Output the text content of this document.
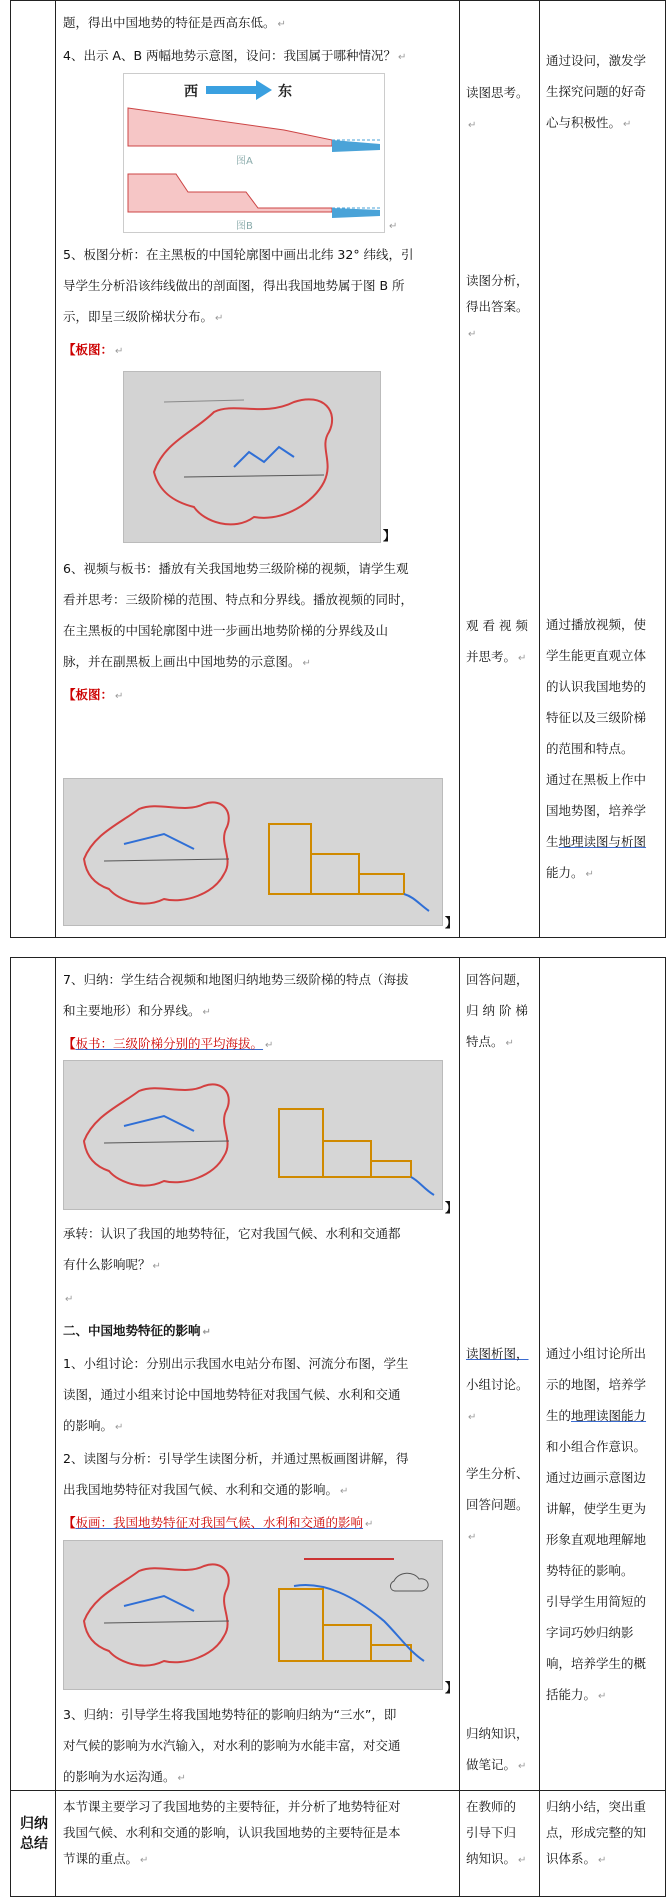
题，得出中国地势的特征是西高东低。 ↵

4、出示 A、B 两幅地势示意图，设问：我国属于哪种情况？ ↵

西	东
图A
图B	↵

5、板图分析：在主黑板的中国轮廓图中画出北纬 32° 纬线，引

导学生分析沿该纬线做出的剖面图，得出我国地势属于图 B 所

示，即呈三级阶梯状分布。 ↵

【板图： ↵

】

6、视频与板书：播放有关我国地势三级阶梯的视频，请学生观

看并思考：三级阶梯的范围、特点和分界线。播放视频的同时，

在主黑板的中国轮廓图中进一步画出地势阶梯的分界线及山

脉，并在副黑板上画出中国地势的示意图。 ↵

【板图： ↵

】

读图思考。↵

读图分析，

得出答案。↵

观 看 视 频

并思考。 ↵

通过设问，激发学

生探究问题的好奇

心与积极性。 ↵

通过播放视频，使

学生能更直观立体

的认识我国地势的

特征以及三级阶梯

的范围和特点。

通过在黑板上作中

国地势图，培养学

生地理读图与析图

能力。 ↵

7、归纳：学生结合视频和地图归纳地势三级阶梯的特点（海拔

和主要地形）和分界线。 ↵

【板书：三级阶梯分别的平均海拔。 ↵

】

承转：认识了我国的地势特征，它对我国气候、水利和交通都

有什么影响呢？ ↵

↵

二、中国地势特征的影响 ↵

1、小组讨论：分别出示我国水电站分布图、河流分布图，学生

读图，通过小组来讨论中国地势特征对我国气候、水利和交通

的影响。 ↵

2、读图与分析：引导学生读图分析，并通过黑板画图讲解，得

出我国地势特征对我国气候、水利和交通的影响。 ↵

【板画：我国地势特征对我国气候、水利和交通的影响 ↵

】

3、归纳：引导学生将我国地势特征的影响归纳为“三水”，即

对气候的影响为水汽输入，对水利的影响为水能丰富，对交通

的影响为水运沟通。 ↵

回答问题，

归 纳 阶 梯

特点。 ↵

读图析图，

小组讨论。↵

学生分析、

回答问题。↵

归纳知识，

做笔记。 ↵

通过小组讨论所出

示的地图，培养学

生的地理读图能力

和小组合作意识。

通过边画示意图边

讲解，使学生更为

形象直观地理解地

势特征的影响。

引导学生用简短的

字词巧妙归纳影

响，培养学生的概

括能力。 ↵

归纳
总结

本节课主要学习了我国地势的主要特征，并分析了地势特征对

我国气候、水利和交通的影响，认识我国地势的主要特征是本

节课的重点。 ↵

在教师的

引导下归

纳知识。 ↵

归纳小结，突出重

点，形成完整的知

识体系。 ↵
